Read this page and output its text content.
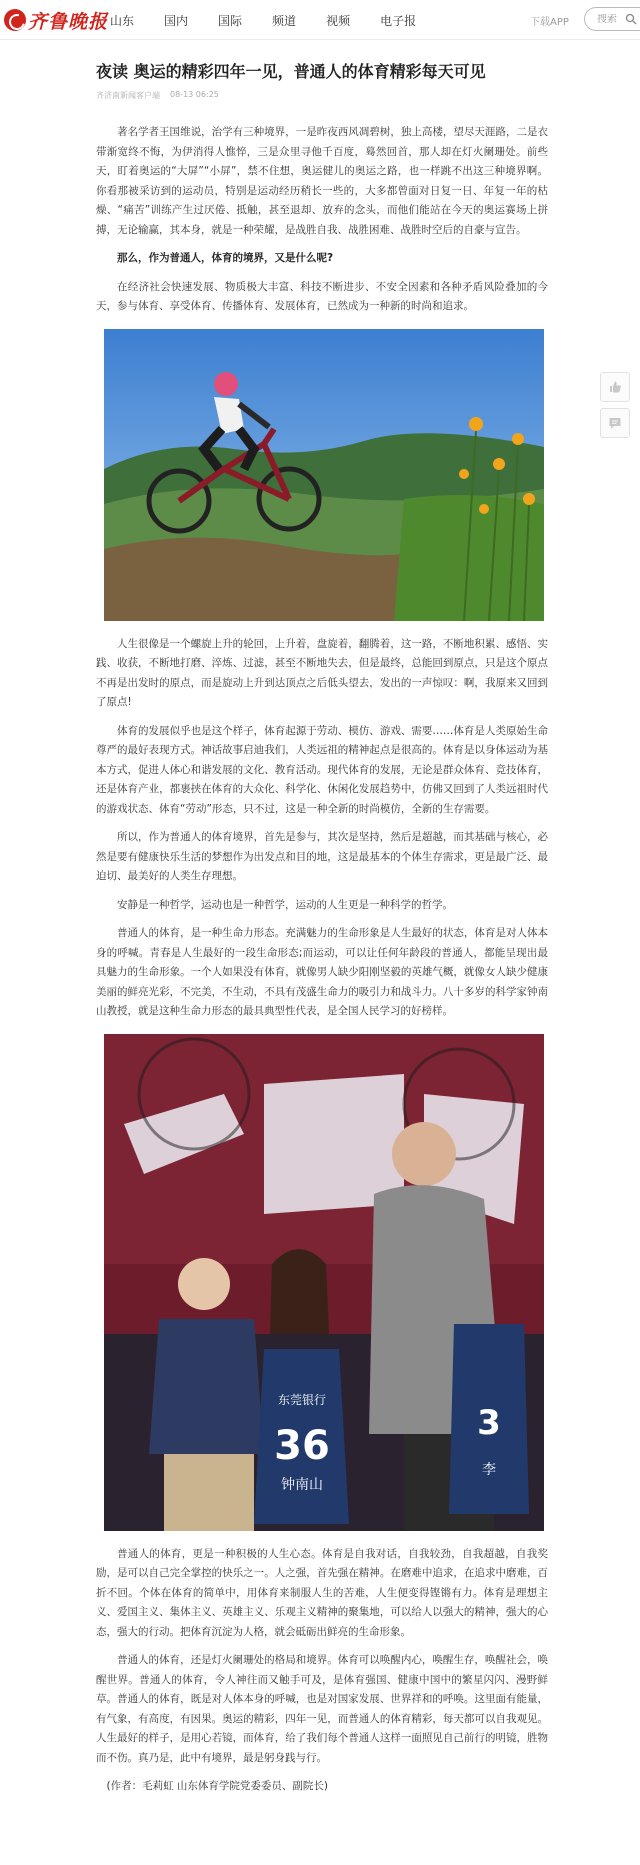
齐鲁晚报 山东	国内	国际	频道	视频	电子报	下载APP
搜索
夜读 奥运的精彩四年一见，普通人的体育精彩每天可见
齐济南新闻客户端 08-13 06:25

著名学者王国维说，治学有三种境界，一是昨夜西风凋碧树，独上高楼，望尽天涯路，二是衣带渐宽终不悔，为伊消得人憔悴，三是众里寻他千百度，蓦然回首，那人却在灯火阑珊处。前些天，盯着奥运的“大屏”“小屏”，禁不住想，奥运健儿的奥运之路，也一样跳不出这三种境界啊。你看那被采访到的运动员，特别是运动经历稍长一些的，大多都曾面对日复一日、年复一年的枯燥、“痛苦”训练产生过厌倦、抵触，甚至退却、放弃的念头，而他们能站在今天的奥运赛场上拼搏，无论输赢，其本身，就是一种荣耀，是战胜自我、战胜困难、战胜时空后的自豪与宣告。

那么，作为普通人，体育的境界，又是什么呢?

在经济社会快速发展、物质极大丰富、科技不断进步、不安全因素和各种矛盾风险叠加的今天，参与体育、享受体育、传播体育、发展体育，已然成为一种新的时尚和追求。

人生很像是一个螺旋上升的轮回，上升着，盘旋着，翻腾着，这一路，不断地积累、感悟、实践、收获，不断地打磨、淬炼、过滤，甚至不断地失去，但是最终，总能回到原点，只是这个原点不再是出发时的原点，而是旋动上升到达顶点之后低头望去，发出的一声惊叹：啊，我原来又回到了原点!

体育的发展似乎也是这个样子，体育起源于劳动、模仿、游戏、需要……体育是人类原始生命尊严的最好表现方式。神话故事启迪我们，人类远祖的精神起点是很高的。体育是以身体运动为基本方式，促进人体心和谐发展的文化、教育活动。现代体育的发展，无论是群众体育、竞技体育，还是体育产业，都裹挟在体育的大众化、科学化、休闲化发展趋势中，仿佛又回到了人类远祖时代的游戏状态、体育“劳动”形态，只不过，这是一种全新的时尚模仿，全新的生存需要。

所以，作为普通人的体育境界，首先是参与，其次是坚持，然后是超越，而其基础与核心，必然是要有健康快乐生活的梦想作为出发点和目的地，这是最基本的个体生存需求，更是最广泛、最迫切、最美好的人类生存理想。

安静是一种哲学，运动也是一种哲学，运动的人生更是一种科学的哲学。

普通人的体育，是一种生命力形态。充满魅力的生命形象是人生最好的状态，体育是对人体本身的呼喊。青春是人生最好的一段生命形态;而运动，可以让任何年龄段的普通人，都能呈现出最具魅力的生命形象。一个人如果没有体育，就像男人缺少阳刚坚毅的英雄气概，就像女人缺少健康美丽的鲜亮光彩，不完美，不生动，不具有茂盛生命力的吸引力和战斗力。八十多岁的科学家钟南山教授，就是这种生命力形态的最具典型性代表，是全国人民学习的好榜样。

东莞银行
36
钟南山
3
李

普通人的体育，更是一种积极的人生心态。体育是自我对话，自我较劲，自我超越，自我奖励，是可以自己完全掌控的快乐之一。人之强，首先强在精神。在磨难中追求，在追求中磨难，百折不回。个体在体育的简单中，用体育来制服人生的苦难，人生便变得铿锵有力。体育是理想主义、爱国主义、集体主义、英雄主义、乐观主义精神的聚集地，可以给人以强大的精神，强大的心态，强大的行动。把体育沉淀为人格，就会砥砺出鲜亮的生命形象。

普通人的体育，还是灯火阑珊处的格局和境界。体育可以唤醒内心，唤醒生存，唤醒社会，唤醒世界。普通人的体育，令人神往而又触手可及，是体育强国、健康中国中的繁星闪闪、漫野鲜草。普通人的体育，既是对人体本身的呼喊，也是对国家发展、世界祥和的呼唤。这里面有能量，有气象，有高度，有因果。奥运的精彩，四年一见，而普通人的体育精彩，每天都可以自我观见。人生最好的样子，是用心若镜，而体育，给了我们每个普通人这样一面照见自己前行的明镜，胜物而不伤。真乃是，此中有境界，最是躬身践与行。

(作者：毛莉虹 山东体育学院党委委员、副院长)
